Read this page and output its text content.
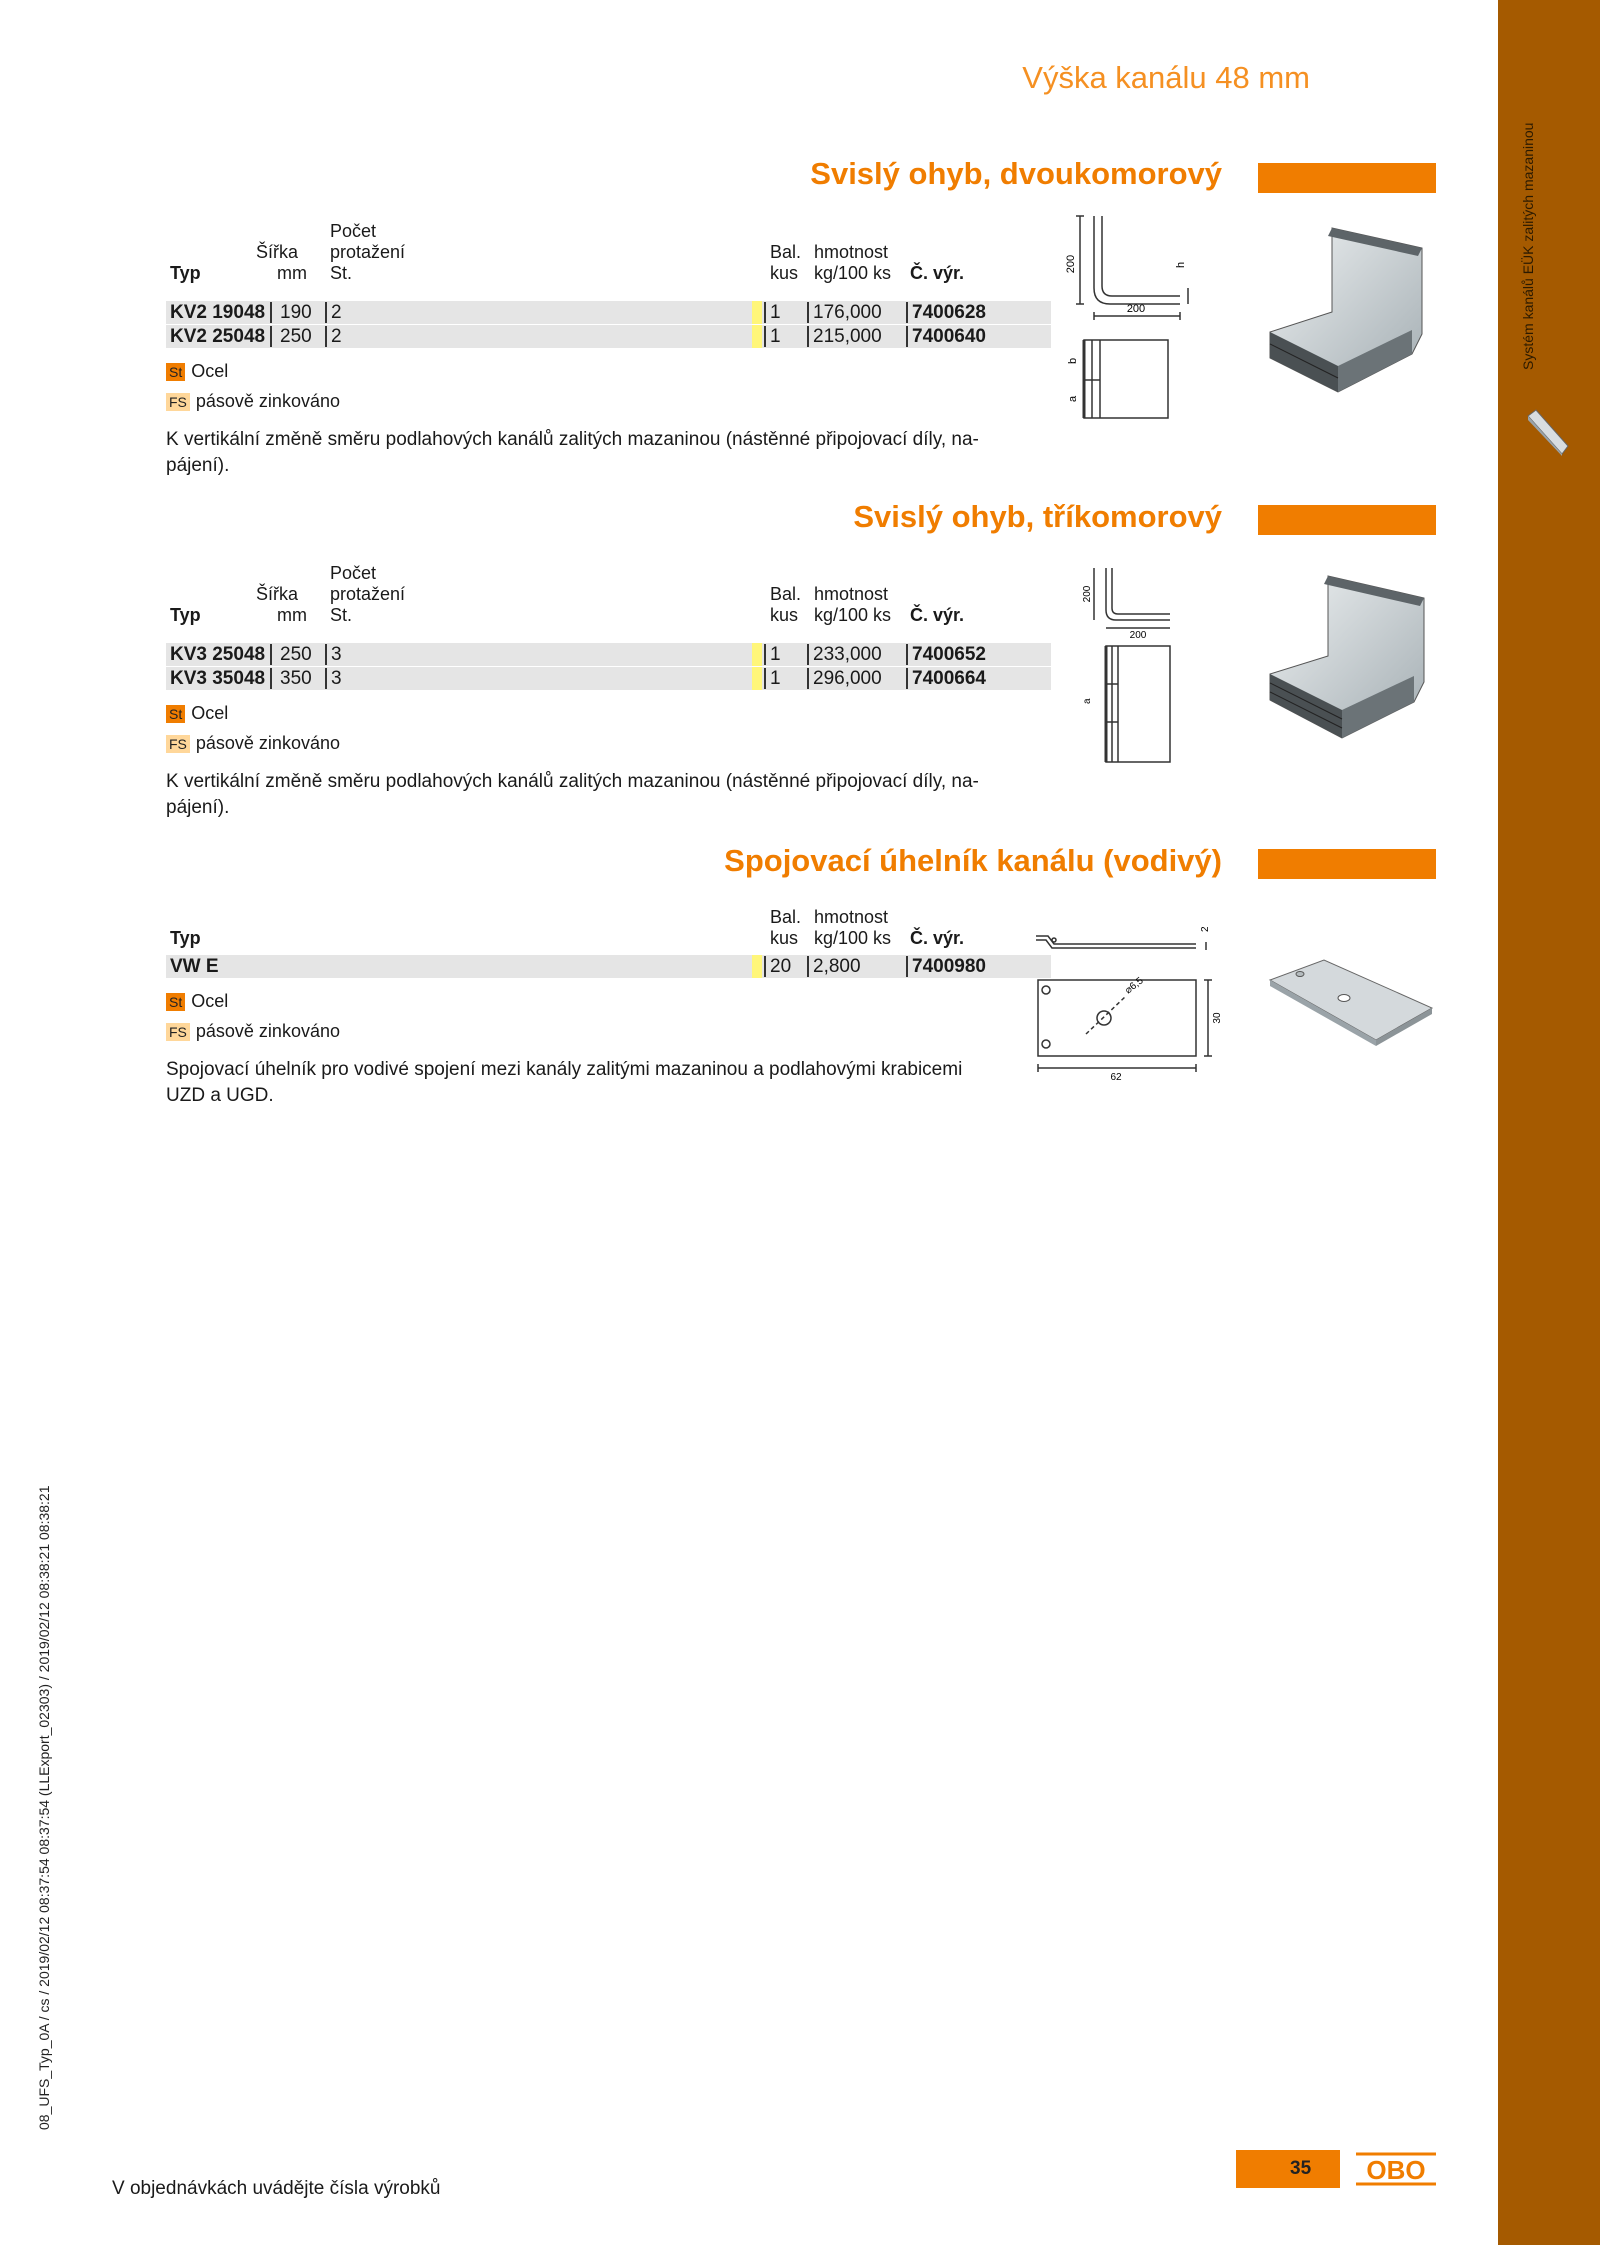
Systém kanálů EÜK zalitých mazaninou
Výška kanálu 48 mm
Svislý ohyb, dvoukomorový
Počet
Šířka protažení	Bal. hmotnost
Typ	mm St.	kus kg/100 ks Č. výr.
KV2 19048 190	2	1	176,000	7400628
KV2 25048 250	2	1	215,000	7400640
St Ocel
FS pásově zinkováno
K vertikální změně směru podlahových kanálů zalitých mazaninou (nástěnné připojovací díly, na-pájení).
200
200
h
b
a
Svislý ohyb, tříkomorový
Počet
Šířka protažení	Bal. hmotnost
Typ	mm St.	kus kg/100 ks Č. výr.
KV3 25048 250	3	1	233,000	7400652
KV3 35048 350	3	1	296,000	7400664
St Ocel
FS pásově zinkováno
K vertikální změně směru podlahových kanálů zalitých mazaninou (nástěnné připojovací díly, na-pájení).
200
200
a
Spojovací úhelník kanálu (vodivý)
Bal. hmotnost
Typ	kus kg/100 ks Č. výr.
VW E	20	2,800	7400980
St Ocel
FS pásově zinkováno
Spojovací úhelník pro vodivé spojení mezi kanály zalitými mazaninou a podlahovými krabicemi UZD a UGD.
2
⌀6,5
30
62
08_UFS_Typ_0A / cs / 2019/02/12 08:37:54 08:37:54 (LLExport_02303) / 2019/02/12 08:38:21 08:38:21
V objednávkách uvádějte čísla výrobků
35 OBO
